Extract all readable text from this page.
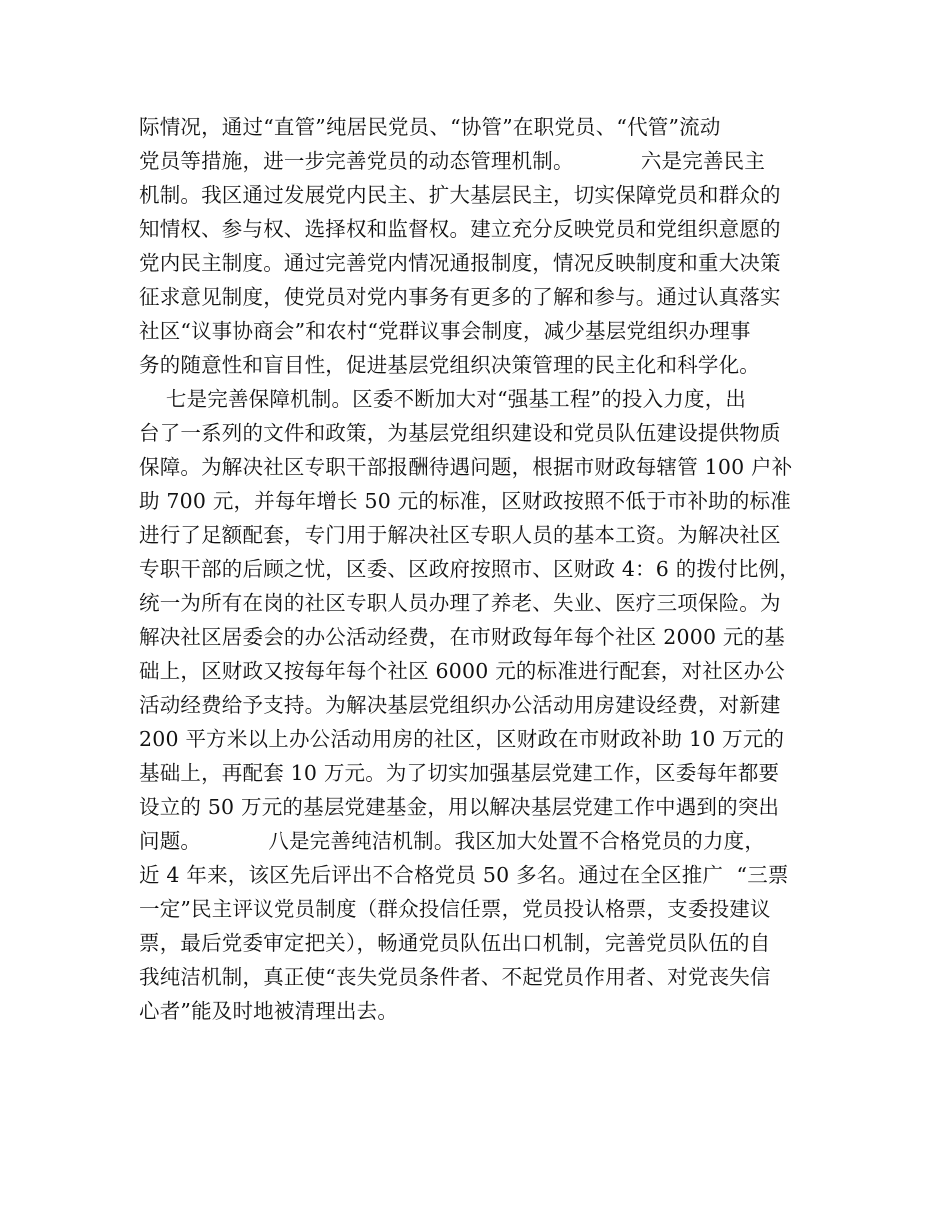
际情况，通过“直管”纯居民党员、“协管”在职党员、“代管”流动
党员等措施，进一步完善党员的动态管理机制。          六是完善民主
机制。我区通过发展党内民主、扩大基层民主，切实保障党员和群众的
知情权、参与权、选择权和监督权。建立充分反映党员和党组织意愿的
党内民主制度。通过完善党内情况通报制度，情况反映制度和重大决策
征求意见制度，使党员对党内事务有更多的了解和参与。通过认真落实
社区“议事协商会”和农村“党群议事会制度，减少基层党组织办理事
务的随意性和盲目性，促进基层党组织决策管理的民主化和科学化。
七是完善保障机制。区委不断加大对“强基工程”的投入力度，出
台了一系列的文件和政策，为基层党组织建设和党员队伍建设提供物质
保障。为解决社区专职干部报酬待遇问题，根据市财政每辖管 100 户补
助 700 元，并每年增长 50 元的标准，区财政按照不低于市补助的标准
进行了足额配套，专门用于解决社区专职人员的基本工资。为解决社区
专职干部的后顾之忧，区委、区政府按照市、区财政 4：6 的拨付比例，
统一为所有在岗的社区专职人员办理了养老、失业、医疗三项保险。为
解决社区居委会的办公活动经费，在市财政每年每个社区 2000 元的基
础上，区财政又按每年每个社区 6000 元的标准进行配套，对社区办公
活动经费给予支持。为解决基层党组织办公活动用房建设经费，对新建
200 平方米以上办公活动用房的社区，区财政在市财政补助 10 万元的
基础上，再配套 10 万元。为了切实加强基层党建工作，区委每年都要
设立的 50 万元的基层党建基金，用以解决基层党建工作中遇到的突出
问题。          八是完善纯洁机制。我区加大处置不合格党员的力度，
近 4 年来，该区先后评出不合格党员 50 多名。通过在全区推广  “三票
一定”民主评议党员制度（群众投信任票，党员投认格票，支委投建议
票，最后党委审定把关），畅通党员队伍出口机制，完善党员队伍的自
我纯洁机制，真正使“丧失党员条件者、不起党员作用者、对党丧失信
心者”能及时地被清理出去。
